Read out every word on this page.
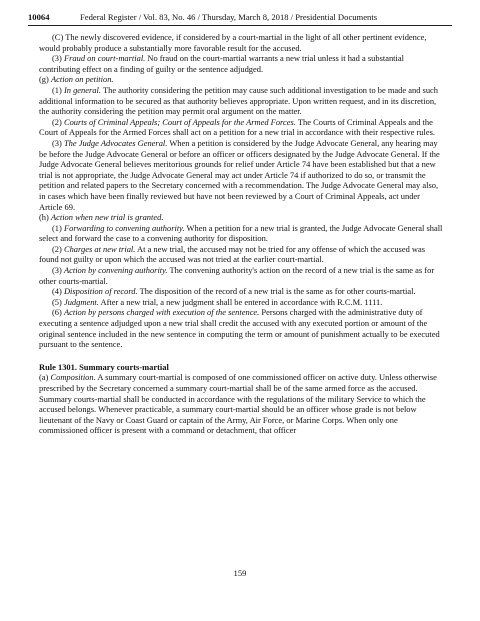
10064	Federal Register / Vol. 83, No. 46 / Thursday, March 8, 2018 / Presidential Documents

(C) The newly discovered evidence, if considered by a court-martial in the light of all other pertinent evidence, would probably produce a substantially more favorable result for the accused.

(3) Fraud on court-martial. No fraud on the court-martial warrants a new trial unless it had a substantial contributing effect on a finding of guilty or the sentence adjudged.

(g) Action on petition.

(1) In general. The authority considering the petition may cause such additional investigation to be made and such additional information to be secured as that authority believes appropriate. Upon written request, and in its discretion, the authority considering the petition may permit oral argument on the matter.

(2) Courts of Criminal Appeals; Court of Appeals for the Armed Forces. The Courts of Criminal Appeals and the Court of Appeals for the Armed Forces shall act on a petition for a new trial in accordance with their respective rules.

(3) The Judge Advocates General. When a petition is considered by the Judge Advocate General, any hearing may be before the Judge Advocate General or before an officer or officers designated by the Judge Advocate General. If the Judge Advocate General believes meritorious grounds for relief under Article 74 have been established but that a new trial is not appropriate, the Judge Advocate General may act under Article 74 if authorized to do so, or transmit the petition and related papers to the Secretary concerned with a recommendation. The Judge Advocate General may also, in cases which have been finally reviewed but have not been reviewed by a Court of Criminal Appeals, act under Article 69.

(h) Action when new trial is granted.

(1) Forwarding to convening authority. When a petition for a new trial is granted, the Judge Advocate General shall select and forward the case to a convening authority for disposition.

(2) Charges at new trial. At a new trial, the accused may not be tried for any offense of which the accused was found not guilty or upon which the accused was not tried at the earlier court-martial.

(3) Action by convening authority. The convening authority's action on the record of a new trial is the same as for other courts-martial.

(4) Disposition of record. The disposition of the record of a new trial is the same as for other courts-martial.

(5) Judgment. After a new trial, a new judgment shall be entered in accordance with R.C.M. 1111.

(6) Action by persons charged with execution of the sentence. Persons charged with the administrative duty of executing a sentence adjudged upon a new trial shall credit the accused with any executed portion or amount of the original sentence included in the new sentence in computing the term or amount of punishment actually to be executed pursuant to the sentence.

Rule 1301. Summary courts-martial

(a) Composition. A summary court-martial is composed of one commissioned officer on active duty. Unless otherwise prescribed by the Secretary concerned a summary court-martial shall be of the same armed force as the accused. Summary courts-martial shall be conducted in accordance with the regulations of the military Service to which the accused belongs. Whenever practicable, a summary court-martial should be an officer whose grade is not below lieutenant of the Navy or Coast Guard or captain of the Army, Air Force, or Marine Corps. When only one commissioned officer is present with a command or detachment, that officer

159
